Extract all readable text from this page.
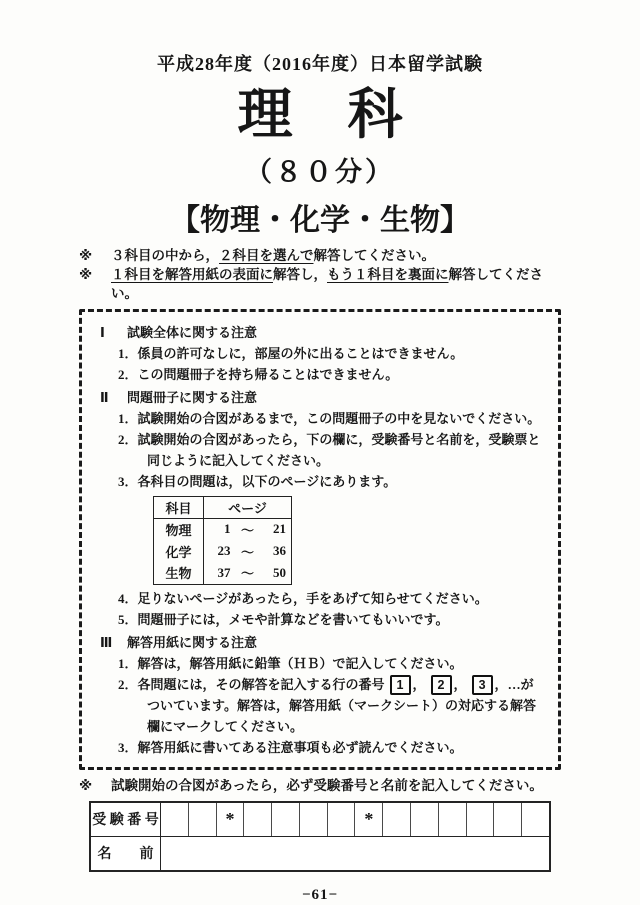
平成28年度（2016年度）日本留学試験
理　科
（８０分）
【物理・化学・生物】
※	３科目の中から，２科目を選んで解答してください。
※	１科目を解答用紙の表面に解答し，もう１科目を裏面に解答してください。
Ⅰ	試験全体に関する注意
1．係員の許可なしに，部屋の外に出ることはできません。
2．この問題冊子を持ち帰ることはできません。
Ⅱ	問題冊子に関する注意
1．試験開始の合図があるまで，この問題冊子の中を見ないでください。
2．試験開始の合図があったら，下の欄に，受験番号と名前を，受験票と同じように記入してください。
3．各科目の問題は，以下のページにあります。
科目	ページ		
物理	1	～	21
化学	23	～	36
生物	37	～	50
4．足りないページがあったら，手をあげて知らせてください。
5．問題冊子には，メモや計算などを書いてもいいです。
Ⅲ	解答用紙に関する注意
1．解答は，解答用紙に鉛筆（ＨＢ）で記入してください。
2．各問題には，その解答を記入する行の番号 1 ， 2 ， 3 ，…がついています。解答は，解答用紙（マークシート）の対応する解答欄にマークしてください。
3．解答用紙に書いてある注意事項も必ず読んでください。
※	試験開始の合図があったら，必ず受験番号と名前を記入してください。
受 験 番 号	*	*
名　　前
−61−
